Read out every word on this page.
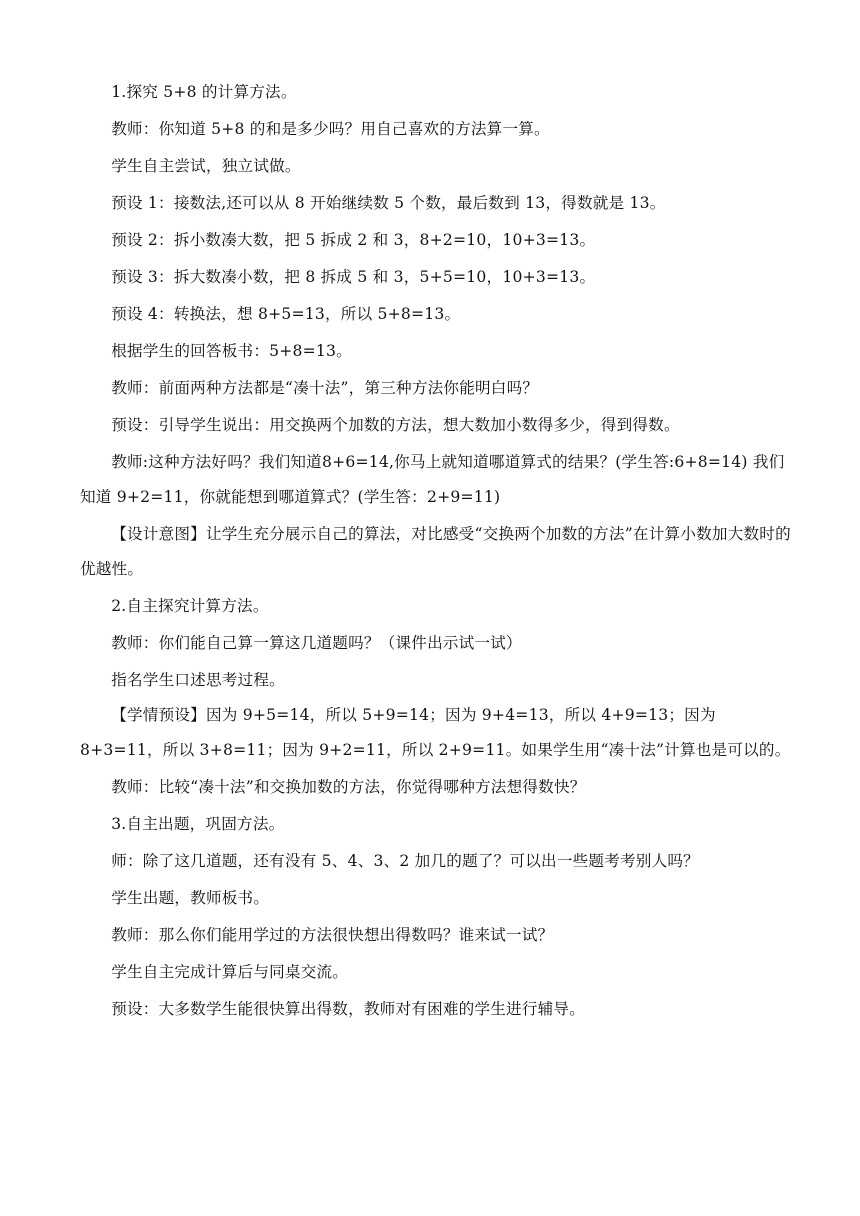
1.探究 5+8 的计算方法。

教师：你知道 5+8 的和是多少吗？用自己喜欢的方法算一算。

学生自主尝试，独立试做。

预设 1：接数法,还可以从 8 开始继续数 5 个数，最后数到 13，得数就是 13。

预设 2：拆小数凑大数，把 5 拆成 2 和 3，8+2=10，10+3=13。

预设 3：拆大数凑小数，把 8 拆成 5 和 3，5+5=10，10+3=13。

预设 4：转换法，想 8+5=13，所以 5+8=13。

根据学生的回答板书：5+8=13。

教师：前面两种方法都是“凑十法”，第三种方法你能明白吗？

预设：引导学生说出：用交换两个加数的方法，想大数加小数得多少，得到得数。

教师:这种方法好吗？我们知道8+6=14,你马上就知道哪道算式的结果？(学生答:6+8=14) 我们知道 9+2=11，你就能想到哪道算式？(学生答：2+9=11)

【设计意图】让学生充分展示自己的算法，对比感受“交换两个加数的方法”在计算小数加大数时的优越性。

2.自主探究计算方法。

教师：你们能自己算一算这几道题吗？（课件出示试一试）

指名学生口述思考过程。

【学情预设】因为 9+5=14，所以 5+9=14；因为 9+4=13，所以 4+9=13；因为 8+3=11，所以 3+8=11；因为 9+2=11，所以 2+9=11。如果学生用“凑十法”计算也是可以的。

教师：比较“凑十法”和交换加数的方法，你觉得哪种方法想得数快？

3.自主出题，巩固方法。

师：除了这几道题，还有没有 5、4、3、2 加几的题了？可以出一些题考考别人吗？

学生出题，教师板书。

教师：那么你们能用学过的方法很快想出得数吗？谁来试一试？

学生自主完成计算后与同桌交流。

预设：大多数学生能很快算出得数，教师对有困难的学生进行辅导。
